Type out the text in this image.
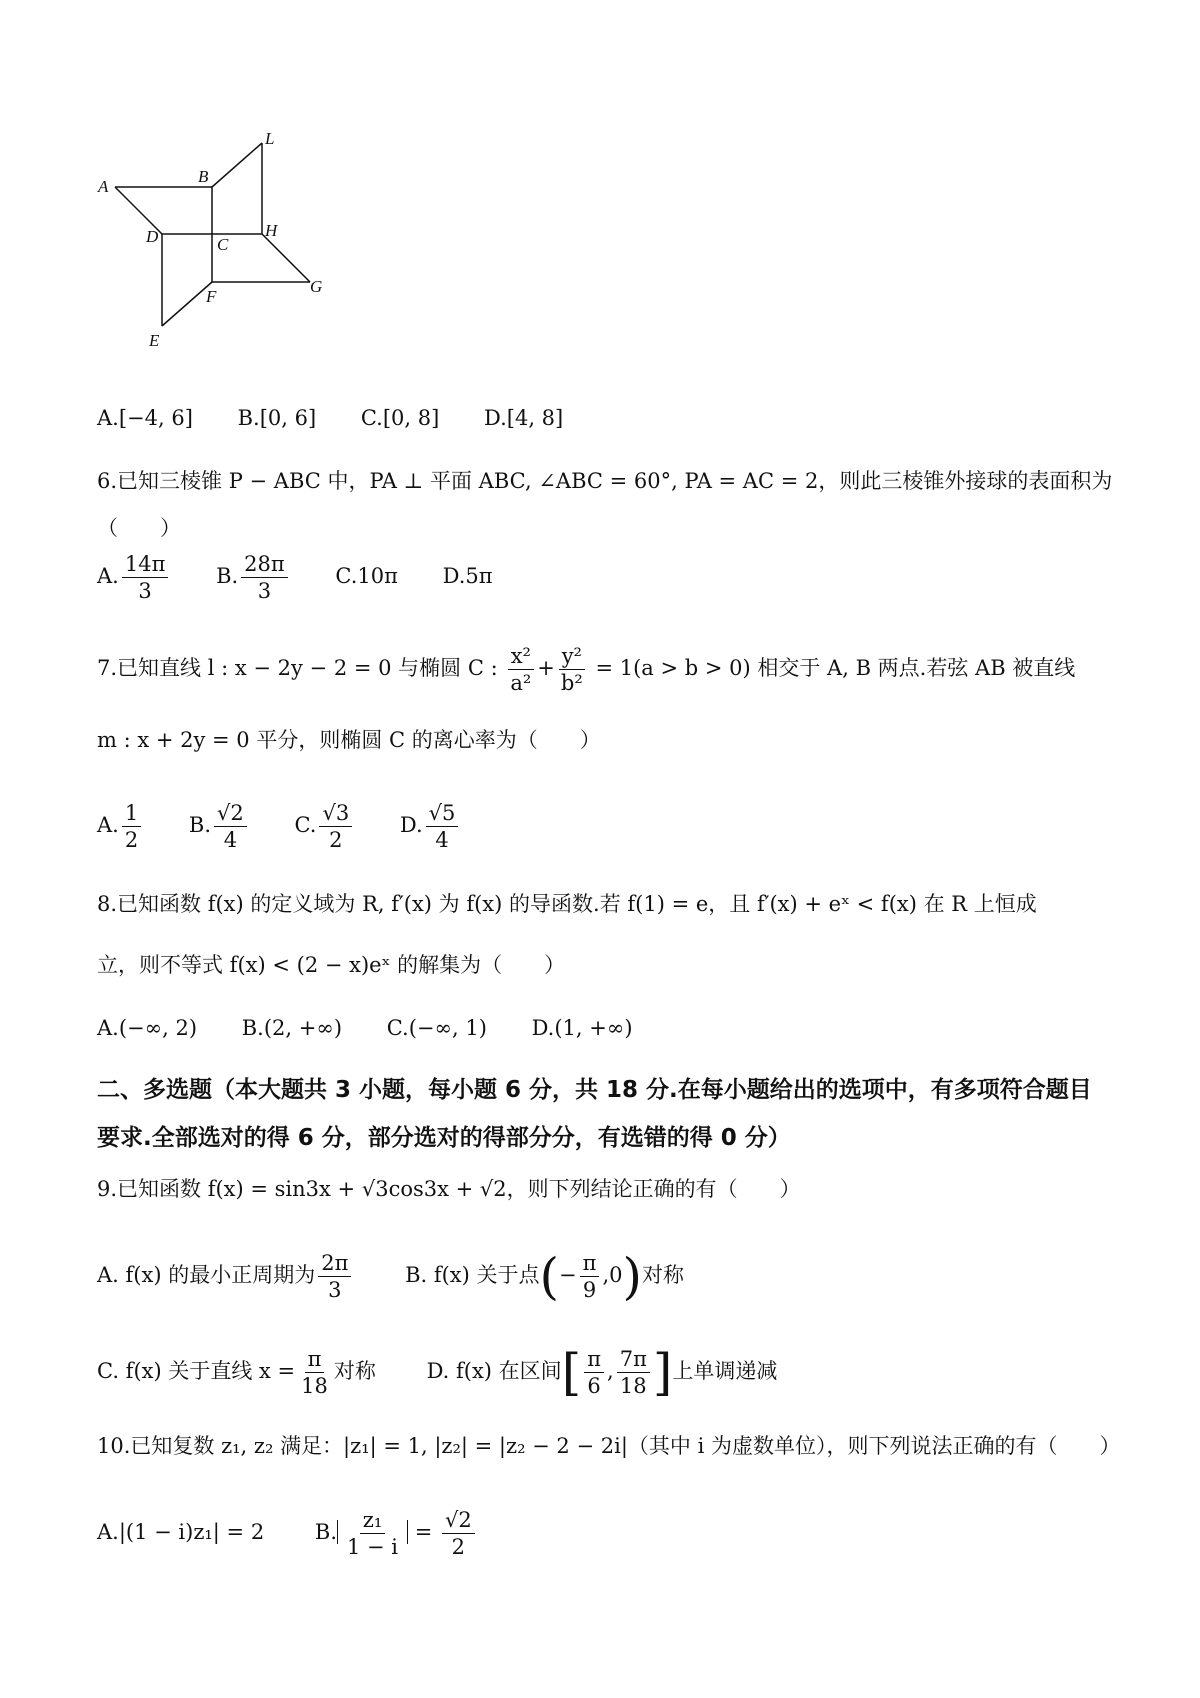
A
B
L
D	C
H
F
G
E
A.[−4, 6] B.[0, 6] C.[0, 8] D.[4, 8]
6.已知三棱锥 P − ABC 中，PA ⊥ 平面 ABC, ∠ABC = 60°, PA = AC = 2，则此三棱锥外接球的表面积为
（　　）
A. $\frac{14\pi}{3} B$. $\frac{28\pi}{3} C.10\pi$ D.5π
7.已知直线 l : x − 2y − 2 = 0 与椭圆 C : $\frac{\text{x²}}{\text{a²}} + \frac{\text{y²}}{\text{b²}} = 1(a > b > 0)$ 相交于 A, B 两点.若弦 AB 被直线
m : x + 2y = 0 平分，则椭圆 C 的离心率为（　　）
A. $\frac{1}{2} B$. $\frac{√2}{4} C$. $\frac{√3}{2} D$. $\frac{√5}{4}$
8.已知函数 f(x) 的定义域为 R, f′(x) 为 f(x) 的导函数.若 f(1) = e，且 f′(x) + eˣ < f(x) 在 R 上恒成
立，则不等式 f(x) < (2 − x)eˣ 的解集为（　　）
A.(−∞, 2) B.(2, +∞) C.(−∞, 1) D.(1, +∞)
二、多选题（本大题共 3 小题，每小题 6 分，共 18 分.在每小题给出的选项中，有多项符合题目要求.全部选对的得 6 分，部分选对的得部分分，有选错的得 0 分）
9.已知函数 f(x) = sin3x + √3cos3x + √2，则下列结论正确的有（　　）
A. f(x) 的最小正周期为 $\frac{2\pi}{3}$	B. f(x) 关于点(− $\frac{\pi}{9} ,0$)对称
C. f(x) 关于直线 $x = \frac{\pi}{18}$ 对称 D. f(x) 在区间[ $\frac{\pi}{6}$ , $\frac{7\pi}{18}$ ]上单调递减
10.已知复数 z₁, z₂ 满足：|z₁| = 1, |z₂| = |z₂ − 2 − 2i|（其中 i 为虚数单位），则下列说法正确的有（　　）
A.|(1 − i)z₁| = 2 B. $\frac{\text{z₁}}{1 - i} = \frac{√2}{2}$
